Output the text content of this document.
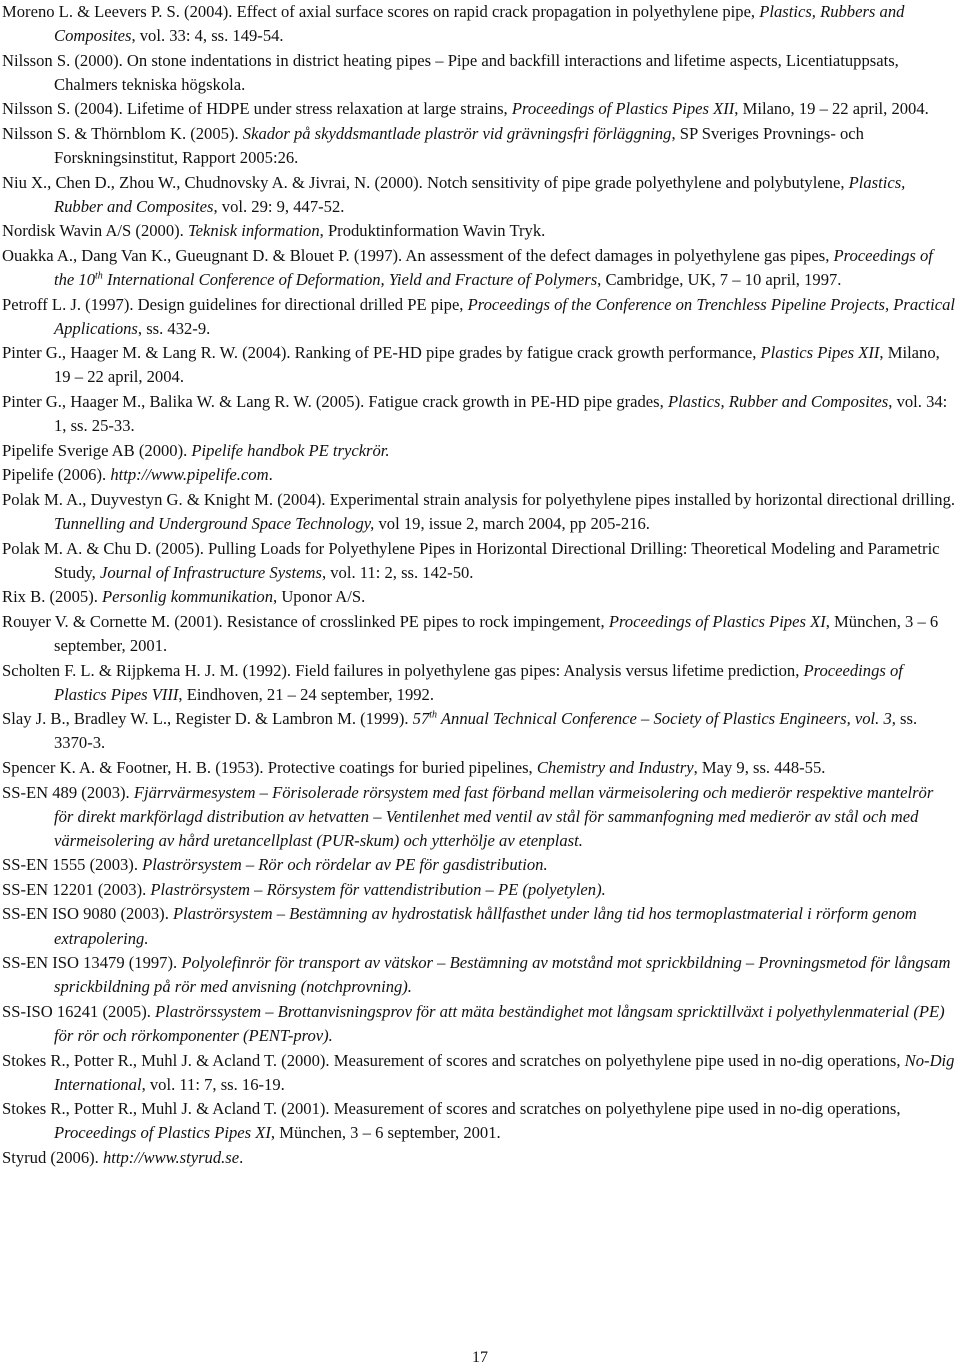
Moreno L. & Leevers P. S. (2004). Effect of axial surface scores on rapid crack propagation in polyethylene pipe, Plastics, Rubbers and Composites, vol. 33: 4, ss. 149-54.

Nilsson S. (2000). On stone indentations in district heating pipes – Pipe and backfill interactions and lifetime aspects, Licentiatuppsats, Chalmers tekniska högskola.

Nilsson S. (2004). Lifetime of HDPE under stress relaxation at large strains, Proceedings of Plastics Pipes XII, Milano, 19 – 22 april, 2004.

Nilsson S. & Thörnblom K. (2005). Skador på skyddsmantlade plaströr vid grävningsfri förläggning, SP Sveriges Provnings- och Forskningsinstitut, Rapport 2005:26.

Niu X., Chen D., Zhou W., Chudnovsky A. & Jivrai, N. (2000). Notch sensitivity of pipe grade polyethylene and polybutylene, Plastics, Rubber and Composites, vol. 29: 9, 447-52.

Nordisk Wavin A/S (2000). Teknisk information, Produktinformation Wavin Tryk.

Ouakka A., Dang Van K., Gueugnant D. & Blouet P. (1997). An assessment of the defect damages in polyethylene gas pipes, Proceedings of the 10th International Conference of Deformation, Yield and Fracture of Polymers, Cambridge, UK, 7 – 10 april, 1997.

Petroff L. J. (1997). Design guidelines for directional drilled PE pipe, Proceedings of the Conference on Trenchless Pipeline Projects, Practical Applications, ss. 432-9.

Pinter G., Haager M. & Lang R. W. (2004). Ranking of PE-HD pipe grades by fatigue crack growth performance, Plastics Pipes XII, Milano, 19 – 22 april, 2004.

Pinter G., Haager M., Balika W. & Lang R. W. (2005). Fatigue crack growth in PE-HD pipe grades, Plastics, Rubber and Composites, vol. 34: 1, ss. 25-33.

Pipelife Sverige AB (2000). Pipelife handbok PE tryckrör.

Pipelife (2006). http://www.pipelife.com.

Polak M. A., Duyvestyn G. & Knight M. (2004). Experimental strain analysis for polyethylene pipes installed by horizontal directional drilling. Tunnelling and Underground Space Technology, vol 19, issue 2, march 2004, pp 205-216.

Polak M. A. & Chu D. (2005). Pulling Loads for Polyethylene Pipes in Horizontal Directional Drilling: Theoretical Modeling and Parametric Study, Journal of Infrastructure Systems, vol. 11: 2, ss. 142-50.

Rix B. (2005). Personlig kommunikation, Uponor A/S.

Rouyer V. & Cornette M. (2001). Resistance of crosslinked PE pipes to rock impingement, Proceedings of Plastics Pipes XI, München, 3 – 6 september, 2001.

Scholten F. L. & Rijpkema H. J. M. (1992). Field failures in polyethylene gas pipes: Analysis versus lifetime prediction, Proceedings of Plastics Pipes VIII, Eindhoven, 21 – 24 september, 1992.

Slay J. B., Bradley W. L., Register D. & Lambron M. (1999). 57th Annual Technical Conference – Society of Plastics Engineers, vol. 3, ss. 3370-3.

Spencer K. A. & Footner, H. B. (1953). Protective coatings for buried pipelines, Chemistry and Industry, May 9, ss. 448-55.

SS-EN 489 (2003). Fjärrvärmesystem – Förisolerade rörsystem med fast förband mellan värmeisolering och medierör respektive mantelrör för direkt markförlagd distribution av hetvatten – Ventilenhet med ventil av stål för sammanfogning med medierör av stål och med värmeisolering av hård uretancellplast (PUR-skum) och ytterhölje av etenplast.

SS-EN 1555 (2003). Plaströrsystem – Rör och rördelar av PE för gasdistribution.

SS-EN 12201 (2003). Plaströrsystem – Rörsystem för vattendistribution – PE (polyetylen).

SS-EN ISO 9080 (2003). Plaströrsystem – Bestämning av hydrostatisk hållfasthet under lång tid hos termoplastmaterial i rörform genom extrapolering.

SS-EN ISO 13479 (1997). Polyolefinrör för transport av vätskor – Bestämning av motstånd mot sprickbildning – Provningsmetod för långsam sprickbildning på rör med anvisning (notchprovning).

SS-ISO 16241 (2005). Plaströrssystem – Brottanvisningsprov för att mäta beständighet mot långsam spricktillväxt i polyethylenmaterial (PE) för rör och rörkomponenter (PENT-prov).

Stokes R., Potter R., Muhl J. & Acland T. (2000). Measurement of scores and scratches on polyethylene pipe used in no-dig operations, No-Dig International, vol. 11: 7, ss. 16-19.

Stokes R., Potter R., Muhl J. & Acland T. (2001). Measurement of scores and scratches on polyethylene pipe used in no-dig operations, Proceedings of Plastics Pipes XI, München, 3 – 6 september, 2001.

Styrud (2006). http://www.styrud.se.

17
